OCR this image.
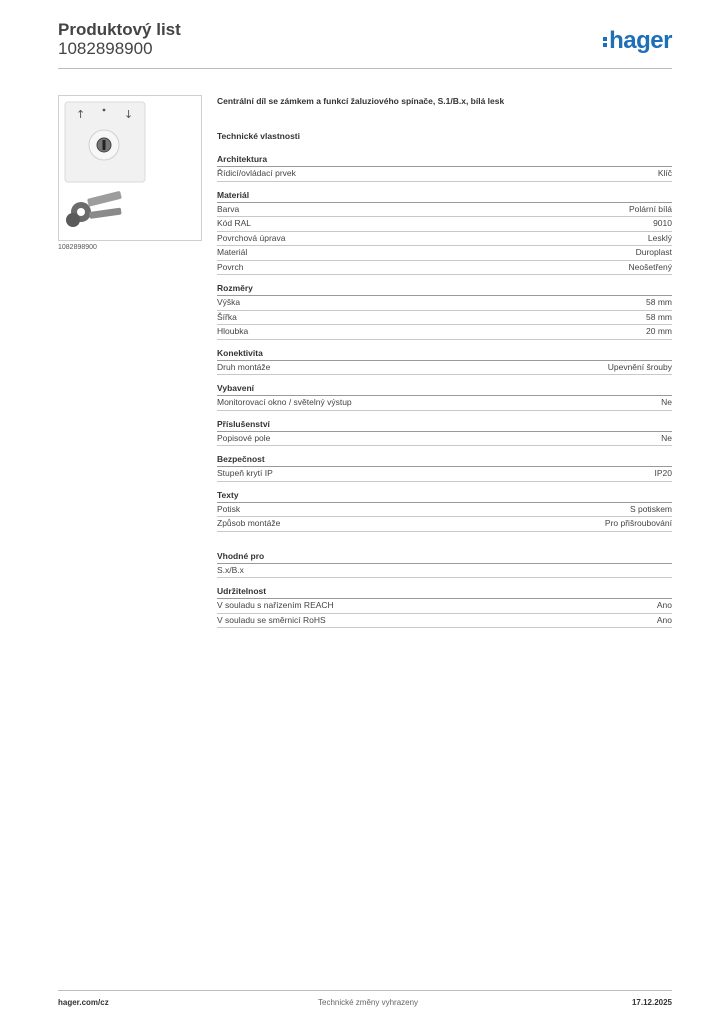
Produktový list
1082898900	hager
↑	↓
1082898900
Centrální díl se zámkem a funkcí žaluziového spínače, S.1/B.x, bílá lesk
Technické vlastnosti
Architektura
Řídicí/ovládací prvek	Klíč
Materiál
Barva	Polární bílá
Kód RAL	9010
Povrchová úprava	Lesklý
Materiál	Duroplast
Povrch	Neošetřený
Rozměry
Výška	58 mm
Šířka	58 mm
Hloubka	20 mm
Konektivita
Druh montáže	Upevnění šrouby
Vybavení
Monitorovací okno / světelný výstup	Ne
Příslušenství
Popisové pole	Ne
Bezpečnost
Stupeň krytí IP	IP20
Texty
Potisk	S potiskem
Způsob montáže	Pro přišroubování
Vhodné pro
S.x/B.x
Udržitelnost
V souladu s nařízením REACH	Ano
V souladu se směrnicí RoHS	Ano
hager.com/cz	Technické změny vyhrazeny	17.12.2025
